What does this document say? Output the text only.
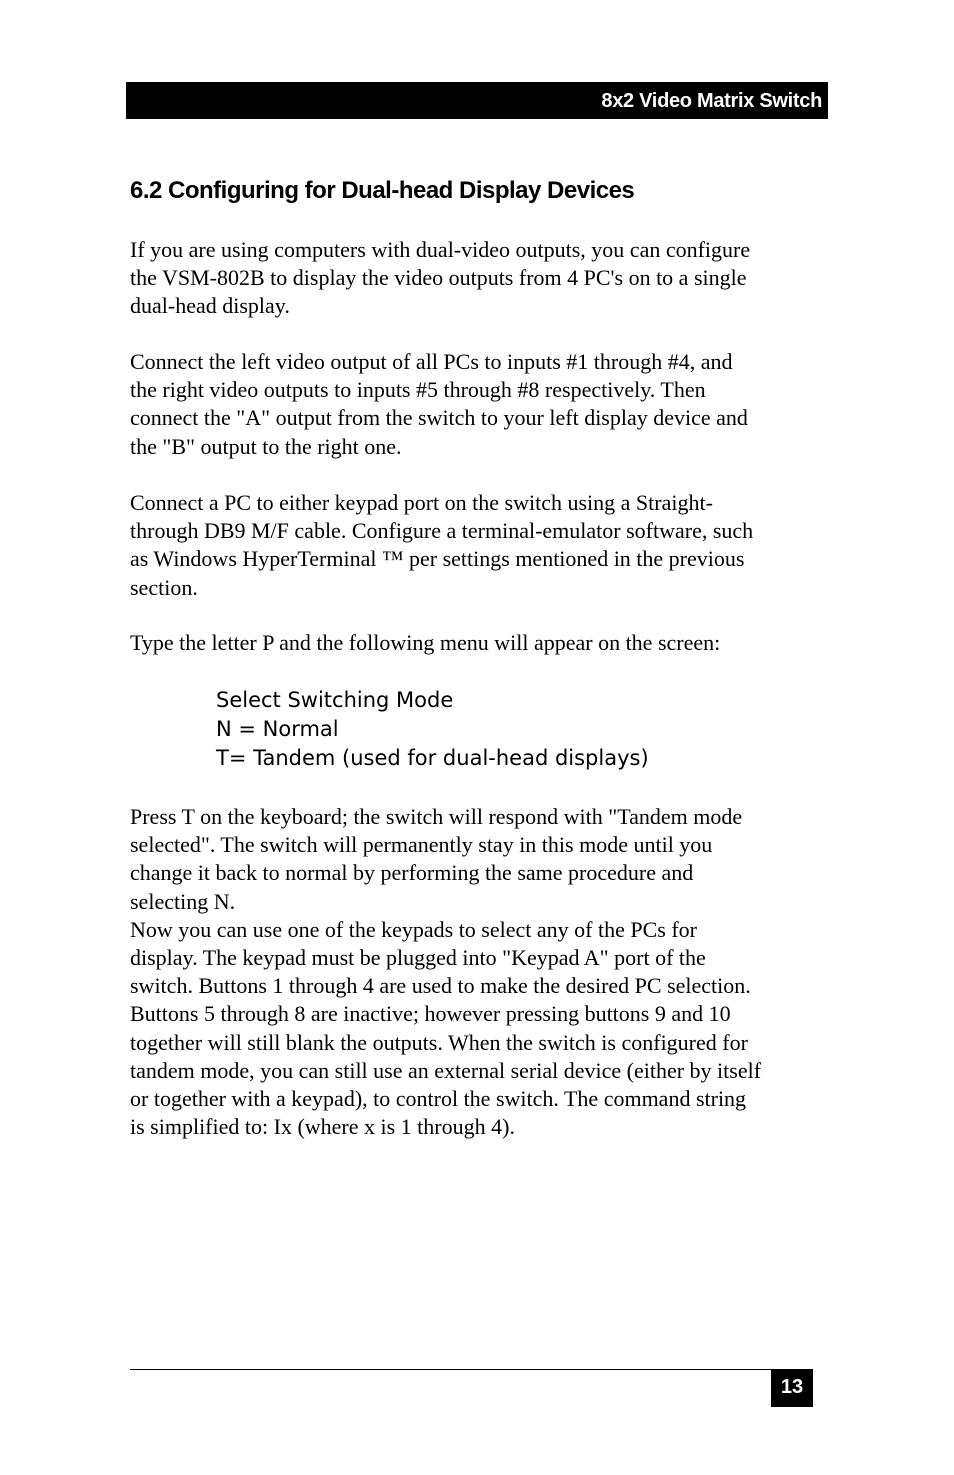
8x2 Video Matrix Switch
6.2 Configuring for Dual-head Display Devices
If you are using computers with dual-video outputs, you can configure
the VSM-802B to display the video outputs from 4 PC's on to a single
dual-head display.
Connect the left video output of all PCs to inputs #1 through #4, and
the right video outputs to inputs #5 through #8 respectively. Then
connect the "A" output from the switch to your left display device and
the "B" output to the right one.
Connect a PC to either keypad port on the switch using a Straight-
through DB9 M/F cable. Configure a terminal-emulator software, such
as Windows HyperTerminal ™ per settings mentioned in the previous
section.
Type the letter P and the following menu will appear on the screen:
Select Switching Mode
N = Normal
T= Tandem (used for dual-head displays)
Press T on the keyboard; the switch will respond with "Tandem mode
selected". The switch will permanently stay in this mode until you
change it back to normal by performing the same procedure and
selecting N.
Now you can use one of the keypads to select any of the PCs for
display. The keypad must be plugged into "Keypad A" port of the
switch. Buttons 1 through 4 are used to make the desired PC selection.
Buttons 5 through 8 are inactive; however pressing buttons 9 and 10
together will still blank the outputs. When the switch is configured for
tandem mode, you can still use an external serial device (either by itself
or together with a keypad), to control the switch. The command string
is simplified to: Ix (where x is 1 through 4).
13
